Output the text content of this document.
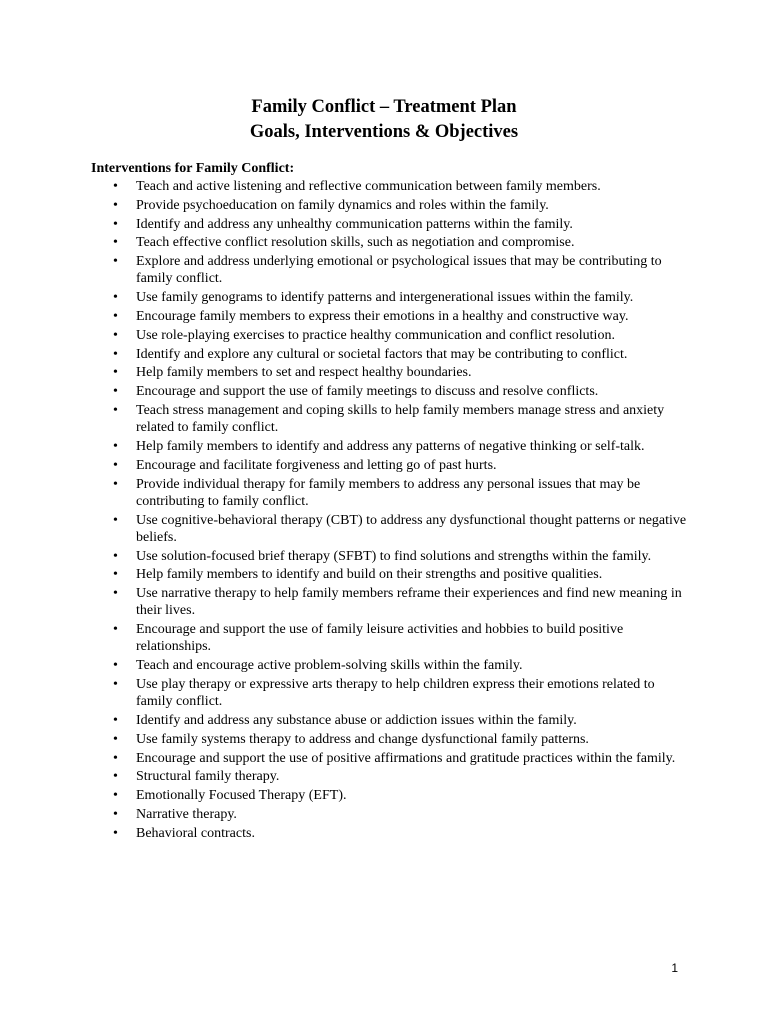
Family Conflict – Treatment Plan

Goals, Interventions & Objectives

Interventions for Family Conflict:

• Teach and active listening and reflective communication between family members.
• Provide psychoeducation on family dynamics and roles within the family.
• Identify and address any unhealthy communication patterns within the family.
• Teach effective conflict resolution skills, such as negotiation and compromise.
• Explore and address underlying emotional or psychological issues that may be contributing to family conflict.
• Use family genograms to identify patterns and intergenerational issues within the family.
• Encourage family members to express their emotions in a healthy and constructive way.
• Use role-playing exercises to practice healthy communication and conflict resolution.
• Identify and explore any cultural or societal factors that may be contributing to conflict.
• Help family members to set and respect healthy boundaries.
• Encourage and support the use of family meetings to discuss and resolve conflicts.
• Teach stress management and coping skills to help family members manage stress and anxiety related to family conflict.
• Help family members to identify and address any patterns of negative thinking or self-talk.
• Encourage and facilitate forgiveness and letting go of past hurts.
• Provide individual therapy for family members to address any personal issues that may be contributing to family conflict.
• Use cognitive-behavioral therapy (CBT) to address any dysfunctional thought patterns or negative beliefs.
• Use solution-focused brief therapy (SFBT) to find solutions and strengths within the family.
• Help family members to identify and build on their strengths and positive qualities.
• Use narrative therapy to help family members reframe their experiences and find new meaning in their lives.
• Encourage and support the use of family leisure activities and hobbies to build positive relationships.
• Teach and encourage active problem-solving skills within the family.
• Use play therapy or expressive arts therapy to help children express their emotions related to family conflict.
• Identify and address any substance abuse or addiction issues within the family.
• Use family systems therapy to address and change dysfunctional family patterns.
• Encourage and support the use of positive affirmations and gratitude practices within the family.
• Structural family therapy.
• Emotionally Focused Therapy (EFT).
• Narrative therapy.
• Behavioral contracts.
1
